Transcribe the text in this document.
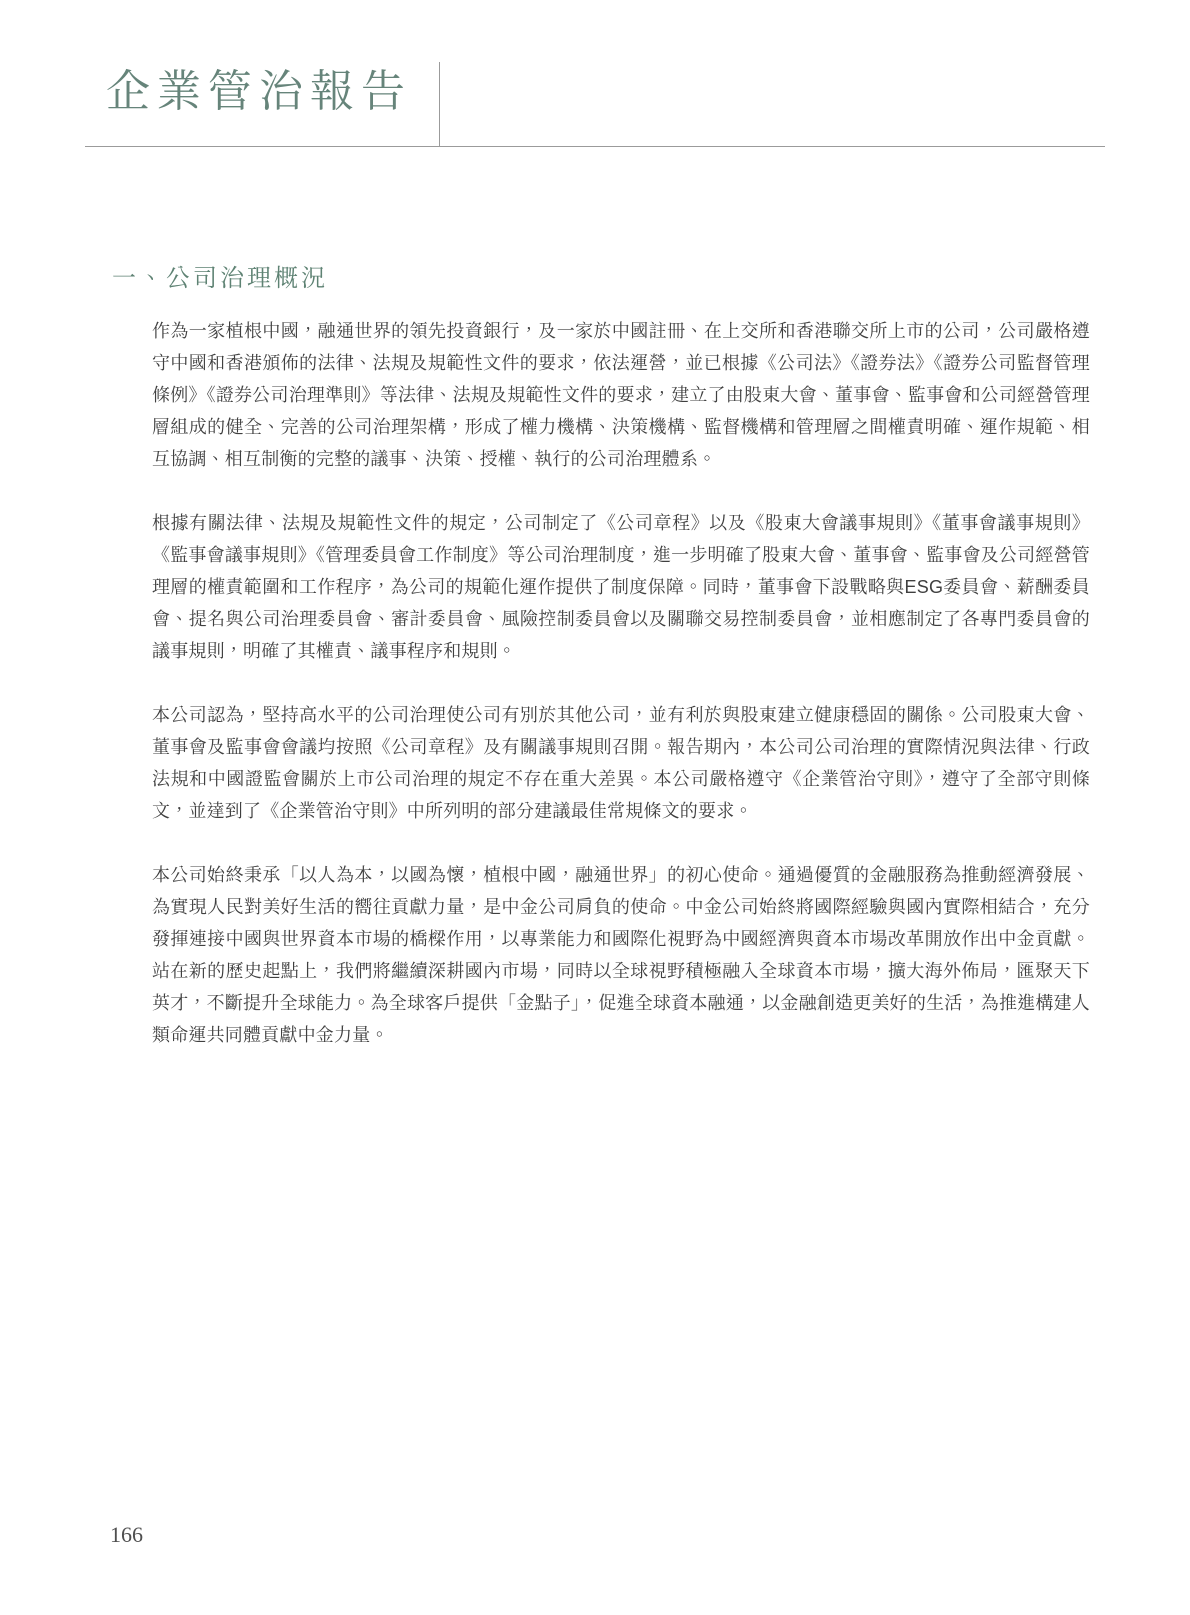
企業管治報告
一、公司治理概況

作為一家植根中國，融通世界的領先投資銀行，及一家於中國註冊、在上交所和香港聯交所上市的公司，公司嚴格遵守中國和香港頒佈的法律、法規及規範性文件的要求，依法運營，並已根據《公司法》《證券法》《證券公司監督管理條例》《證券公司治理準則》等法律、法規及規範性文件的要求，建立了由股東大會、董事會、監事會和公司經營管理層組成的健全、完善的公司治理架構，形成了權力機構、決策機構、監督機構和管理層之間權責明確、運作規範、相互協調、相互制衡的完整的議事、決策、授權、執行的公司治理體系。

根據有關法律、法規及規範性文件的規定，公司制定了《公司章程》以及《股東大會議事規則》《董事會議事規則》《監事會議事規則》《管理委員會工作制度》等公司治理制度，進一步明確了股東大會、董事會、監事會及公司經營管理層的權責範圍和工作程序，為公司的規範化運作提供了制度保障。同時，董事會下設戰略與ESG委員會、薪酬委員會、提名與公司治理委員會、審計委員會、風險控制委員會以及關聯交易控制委員會，並相應制定了各專門委員會的議事規則，明確了其權責、議事程序和規則。

本公司認為，堅持高水平的公司治理使公司有別於其他公司，並有利於與股東建立健康穩固的關係。公司股東大會、董事會及監事會會議均按照《公司章程》及有關議事規則召開。報告期內，本公司公司治理的實際情況與法律、行政法規和中國證監會關於上市公司治理的規定不存在重大差異。本公司嚴格遵守《企業管治守則》，遵守了全部守則條文，並達到了《企業管治守則》中所列明的部分建議最佳常規條文的要求。

本公司始終秉承「以人為本，以國為懷，植根中國，融通世界」的初心使命。通過優質的金融服務為推動經濟發展、為實現人民對美好生活的嚮往貢獻力量，是中金公司肩負的使命。中金公司始終將國際經驗與國內實際相結合，充分發揮連接中國與世界資本市場的橋樑作用，以專業能力和國際化視野為中國經濟與資本市場改革開放作出中金貢獻。站在新的歷史起點上，我們將繼續深耕國內市場，同時以全球視野積極融入全球資本市場，擴大海外佈局，匯聚天下英才，不斷提升全球能力。為全球客戶提供「金點子」，促進全球資本融通，以金融創造更美好的生活，為推進構建人類命運共同體貢獻中金力量。

166
